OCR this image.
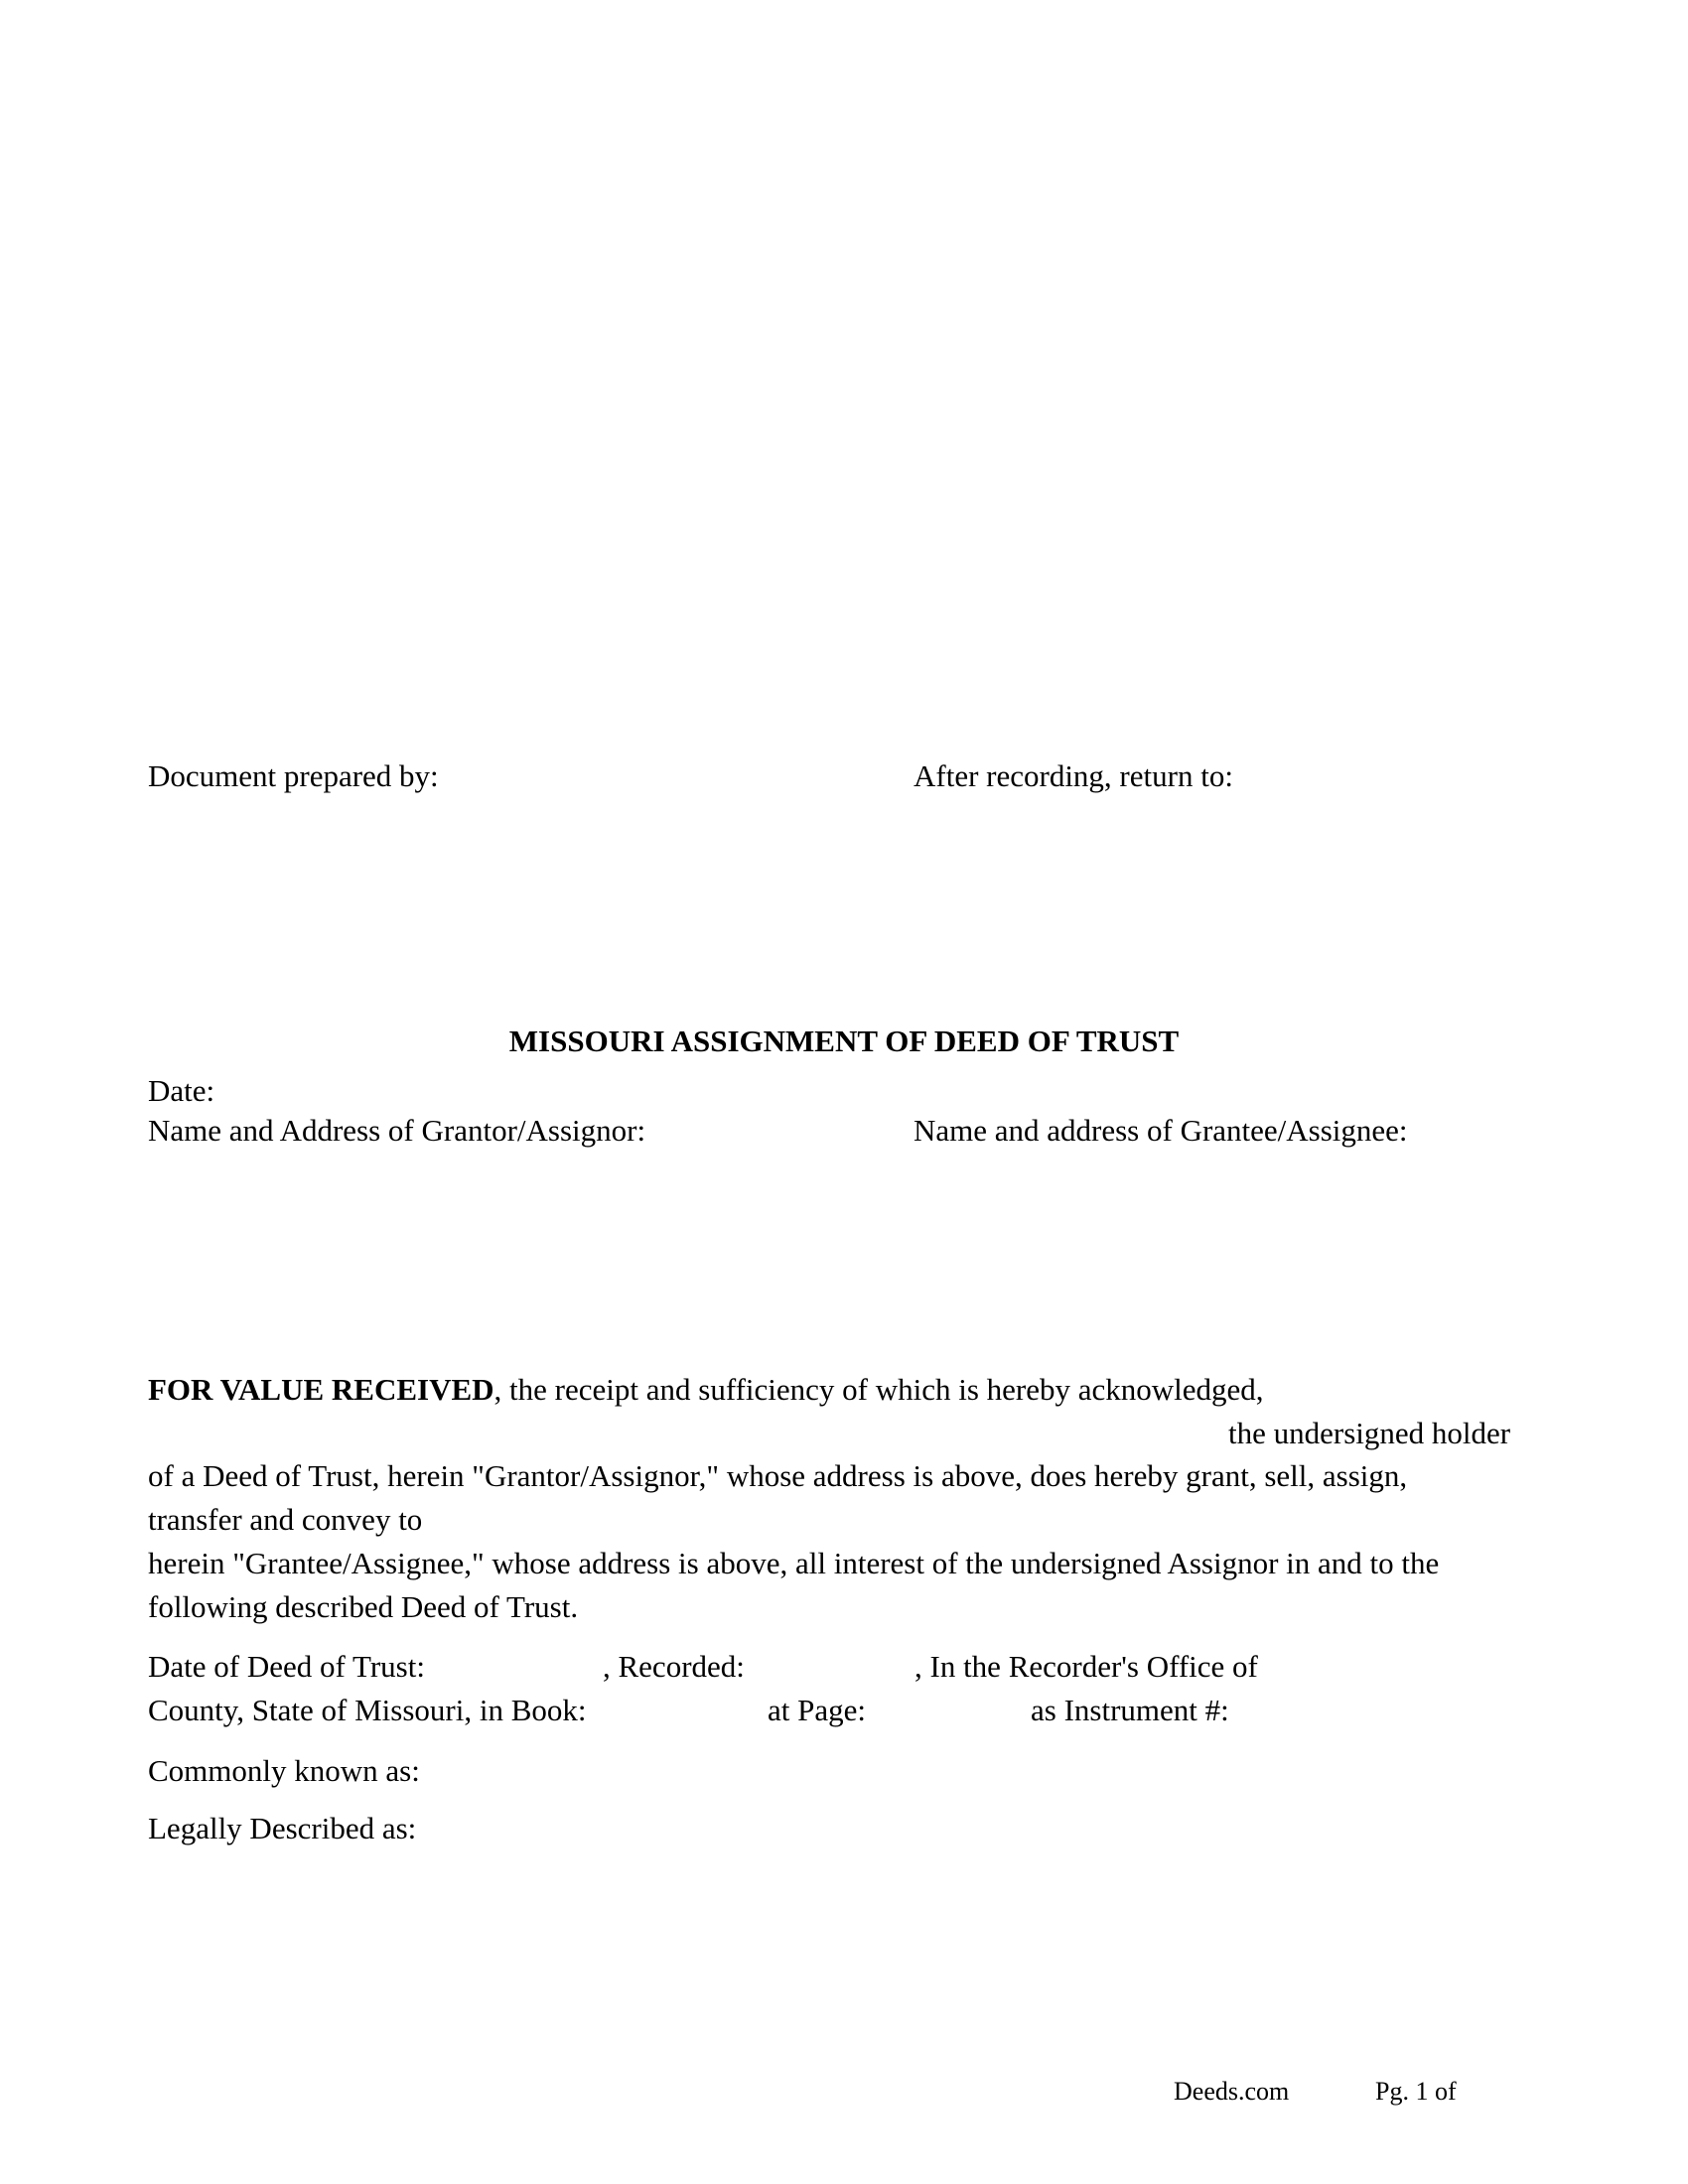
Document prepared by:	After recording, return to:
MISSOURI ASSIGNMENT OF DEED OF TRUST
Date:
Name and Address of Grantor/Assignor:	Name and address of Grantee/Assignee:
FOR VALUE RECEIVED, the receipt and sufficiency of which is hereby acknowledged,
the undersigned holder
of a Deed of Trust, herein "Grantor/Assignor," whose address is above, does hereby grant, sell, assign,
transfer and convey to
herein "Grantee/Assignee," whose address is above, all interest of the undersigned Assignor in and to the
following described Deed of Trust.
Date of Deed of Trust:	, Recorded:	, In the Recorder's Office of
County, State of Missouri, in Book:	at Page:	as Instrument #:
Commonly known as:
Legally Described as:
Deeds.com	Pg. 1 of
